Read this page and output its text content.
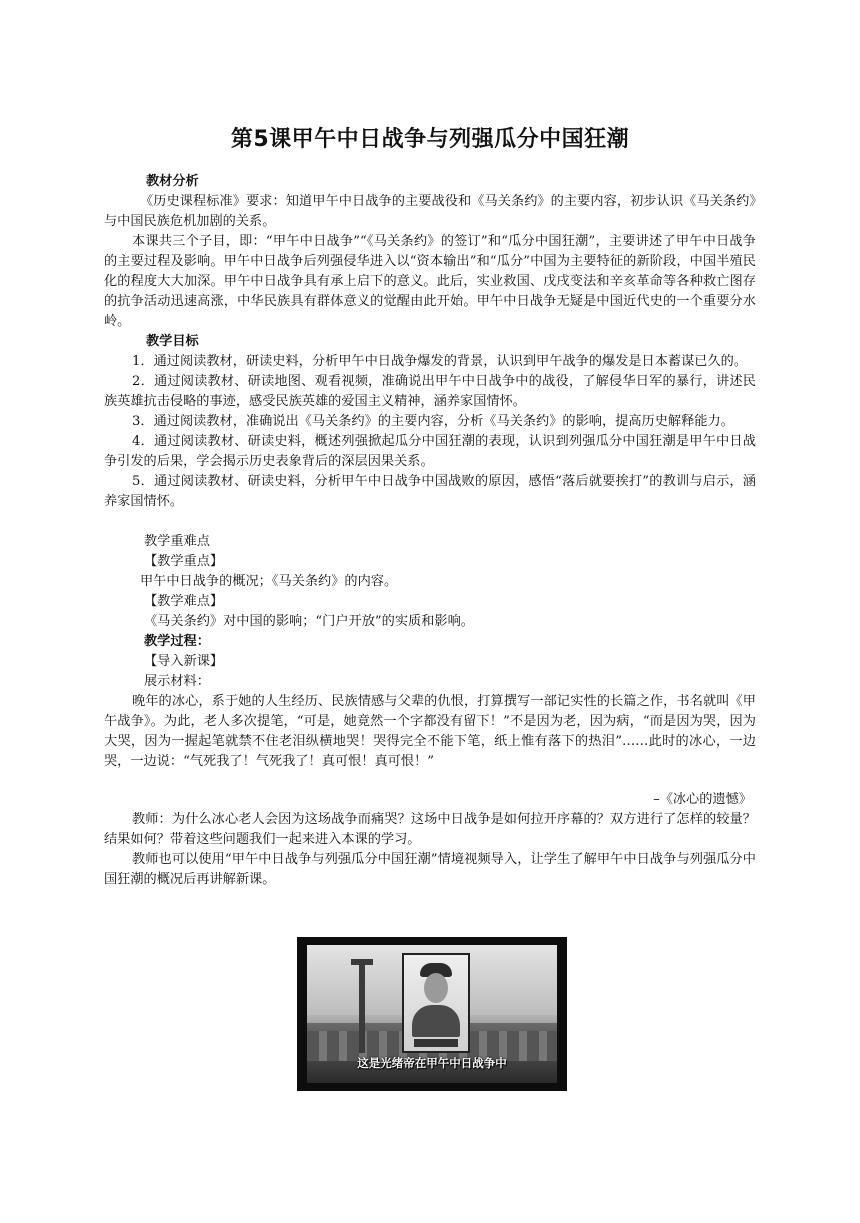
第5课甲午中日战争与列强瓜分中国狂潮

教材分析

《历史课程标准》要求：知道甲午中日战争的主要战役和《马关条约》的主要内容，初步认识《马关条约》与中国民族危机加剧的关系。

本课共三个子目，即：“甲午中日战争”“《马关条约》的签订”和“瓜分中国狂潮”，主要讲述了甲午中日战争的主要过程及影响。甲午中日战争后列强侵华进入以“资本输出”和“瓜分”中国为主要特征的新阶段，中国半殖民化的程度大大加深。甲午中日战争具有承上启下的意义。此后，实业救国、戊戌变法和辛亥革命等各种救亡图存的抗争活动迅速高涨，中华民族具有群体意义的觉醒由此开始。甲午中日战争无疑是中国近代史的一个重要分水岭。

教学目标

1．通过阅读教材，研读史料，分析甲午中日战争爆发的背景，认识到甲午战争的爆发是日本蓄谋已久的。

2．通过阅读教材、研读地图、观看视频，准确说出甲午中日战争中的战役，了解侵华日军的暴行，讲述民族英雄抗击侵略的事迹，感受民族英雄的爱国主义精神，涵养家国情怀。

3．通过阅读教材，准确说出《马关条约》的主要内容，分析《马关条约》的影响，提高历史解释能力。

4．通过阅读教材、研读史料，概述列强掀起瓜分中国狂潮的表现，认识到列强瓜分中国狂潮是甲午中日战争引发的后果，学会揭示历史表象背后的深层因果关系。

5．通过阅读教材、研读史料，分析甲午中日战争中国战败的原因，感悟“落后就要挨打”的教训与启示，涵养家国情怀。

教学重难点

【教学重点】

甲午中日战争的概况；《马关条约》的内容。

【教学难点】

《马关条约》对中国的影响；“门户开放”的实质和影响。

教学过程：

【导入新课】

展示材料：

晚年的冰心，系于她的人生经历、民族情感与父辈的仇恨，打算撰写一部记实性的长篇之作，书名就叫《甲午战争》。为此，老人多次提笔，“可是，她竟然一个字都没有留下！”不是因为老，因为病，“而是因为哭，因为大哭，因为一握起笔就禁不住老泪纵横地哭！哭得完全不能下笔，纸上惟有落下的热泪”……此时的冰心，一边哭，一边说：“气死我了！气死我了！真可恨！真可恨！”

–《冰心的遗憾》

教师：为什么冰心老人会因为这场战争而痛哭？这场中日战争是如何拉开序幕的？双方进行了怎样的较量？结果如何？带着这些问题我们一起来进入本课的学习。

教师也可以使用“甲午中日战争与列强瓜分中国狂潮”情境视频导入，让学生了解甲午中日战争与列强瓜分中国狂潮的概况后再讲解新课。

这是光绪帝在甲午中日战争中
